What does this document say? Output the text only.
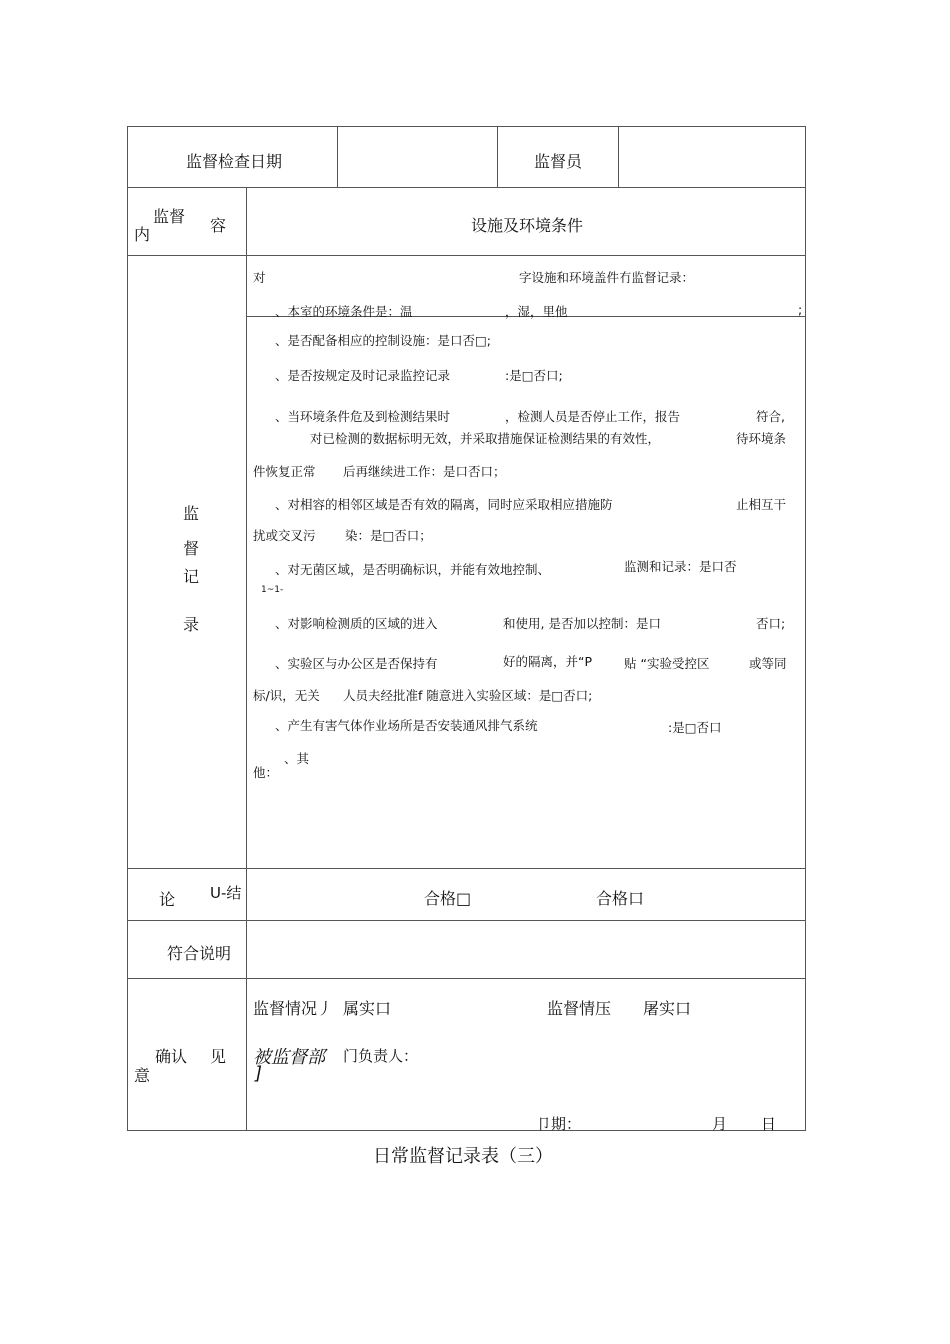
监督检查日期	监督员
监督
内	容	设施及环境条件
监
督
记
录
对	字设施和环境盖件冇监督记录：
、本室的环境条件是：温	，湿，里他	;
、是否配备相应的控制设施：是口否□;
、是否按规定及时记录监控记录	:是□否口;
、当环境条件危及到检测结果时	，检测人员是否停止工作，报告	符合,
对已检测的数据标明无效，并采取措施保证检测结果的有效性，	待环境条
件恢复正常 后再继续进工作：是口否口；
、对相容的相邻区域是否有效的隔离，同时应采取相应措施防	止相互干
扰或交叉污 染：是□否口；
、对无菌区域，是否明确标识，并能有效地控制、	监测和记录：是口否
1~1-
、对影响检测质的区域的进入	和使用, 是否加以控制：是口	否口;
、实验区与办公区是否保持有	好的隔离，并“P	贴 “实验受控区	或等同
标/识，无关 人员夫经批准f 随意进入实验区域：是□否口;
、产生有害气体作业场所是否安装通风排气系统	:是□否口
、其
他：
论 U-结	合格□	合格口
符合说明
确认 见
意
监督情况丿 属实口	监督情压 屠实口
被监督部 门负责人：
]
卩期：	月 日
日常监督记录表（三）
